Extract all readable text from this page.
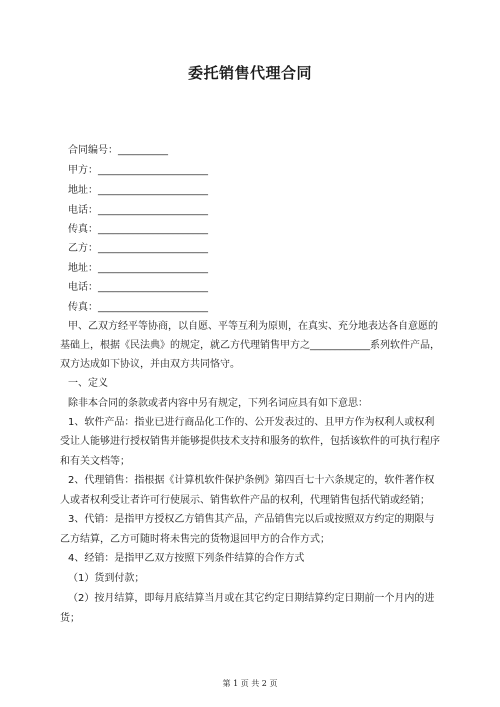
委托销售代理合同
合同编号：__________
甲方：______________________
地址：______________________
电话：______________________
传真：______________________
乙方：______________________
地址：______________________
电话：______________________
传真：______________________
甲、乙双方经平等协商，以自愿、平等互利为原则，在真实、充分地表达各自意愿的
基础上，根据《民法典》的规定，就乙方代理销售甲方之____________系列软件产品，
双方达成如下协议，并由双方共同恪守。
一、定义
除非本合同的条款或者内容中另有规定，下列名词应具有如下意思：
1、软件产品：指业已进行商品化工作的、公开发表过的、且甲方作为权利人或权利
受让人能够进行授权销售并能够提供技术支持和服务的软件，包括该软件的可执行程序
和有关文档等；
2、代理销售：指根据《计算机软件保护条例》第四百七十六条规定的，软件著作权
人或者权利受让者许可行使展示、销售软件产品的权利，代理销售包括代销或经销；
3、代销：是指甲方授权乙方销售其产品，产品销售完以后或按照双方约定的期限与
乙方结算，乙方可随时将未售完的货物退回甲方的合作方式；
4、经销：是指甲乙双方按照下列条件结算的合作方式
（1）货到付款；
（2）按月结算，即每月底结算当月或在其它约定日期结算约定日期前一个月内的进
货；
第 1 页 共 2 页
